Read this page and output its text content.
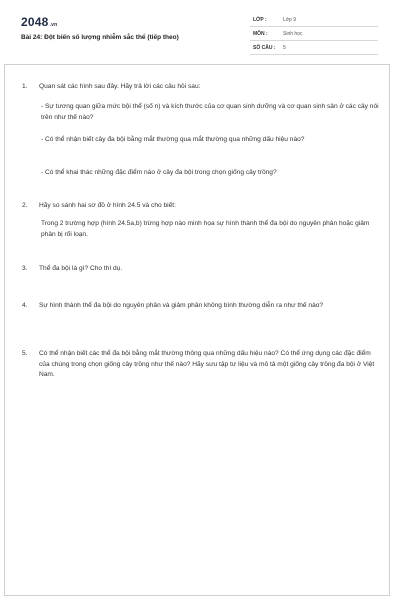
2048.vn
Bài 24: Đột biến số lượng nhiễm sắc thể (tiếp theo)
LỚP :	Lớp 9
MÔN :	Sinh học
SỐ CÂU : 5
1. Quan sát các hình sau đây. Hãy trả lời các câu hỏi sau:
- Sự tương quan giữa mức bội thể (số n) và kích thước của cơ quan sinh dưỡng và cơ quan sinh sản ở các cây nói trên như thế nào?
- Có thể nhận biết cây đa bội bằng mắt thường qua mắt thường qua những dấu hiệu nào?
- Có thể khai thác những đặc điểm nào ở cây đa bội trong chọn giống cây trồng?
2. Hãy so sánh hai sơ đồ ở hình 24.5 và cho biết:
Trong 2 trường hợp (hình 24.5a,b) trừng hợp nào minh họa sự hình thành thể đa bội do nguyên phân hoặc giảm phân bị rối loạn.
3. Thể đa bội là gì? Cho thí dụ.
4. Sự hình thành thể đa bội do nguyên phân và giảm phân không bình thường diễn ra như thế nào?
5. Có thể nhận biết các thể đa bội bằng mắt thường thông qua những dấu hiệu nào? Có thể ứng dụng các đặc điểm của chúng trong chọn giống cây trồng như thế nào? Hãy sưu tập tư liệu và mô tả một giống cây trồng đa bội ở Việt Nam.
